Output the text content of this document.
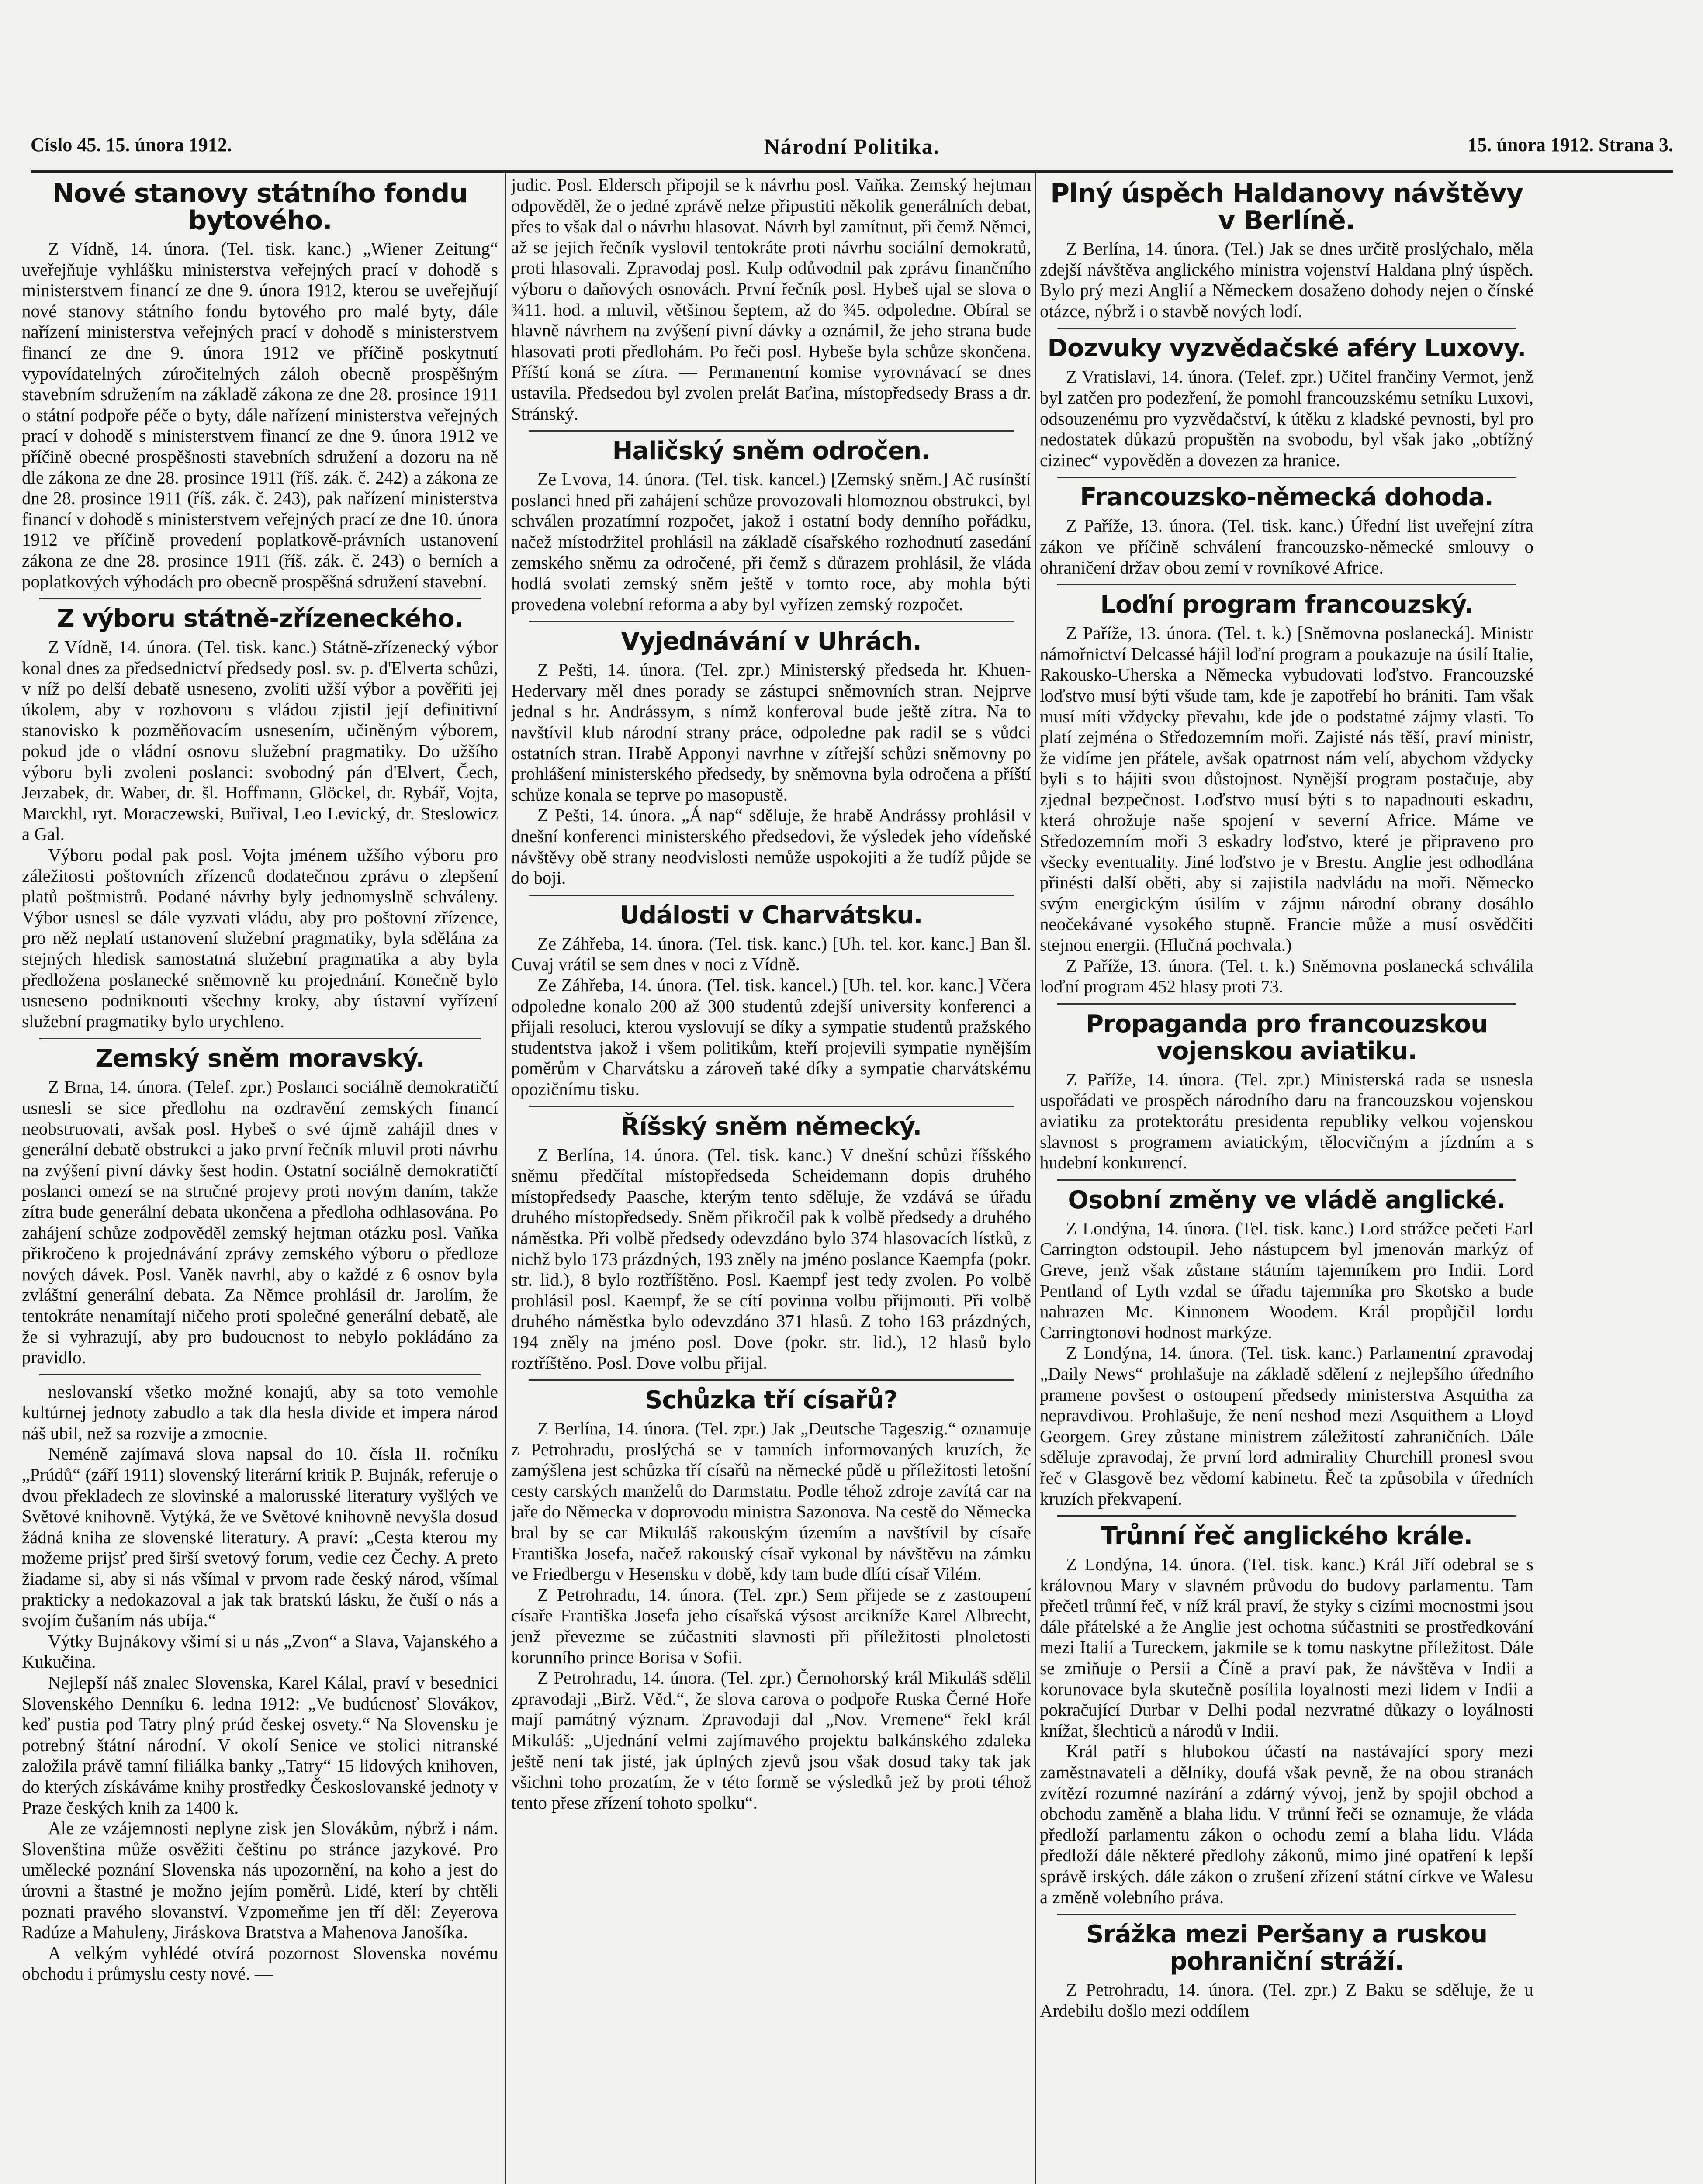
Císlo 45. 15. února 1912.	Národní Politika.	15. února 1912. Strana 3.
Nové stanovy státního fondu bytového.

Z Vídně, 14. února. (Tel. tisk. kanc.) „Wiener Zeitung“ uveřejňuje vyhlášku ministerstva veřejných prací v dohodě s ministerstvem financí ze dne 9. února 1912, kterou se uveřejňují nové stanovy státního fondu bytového pro malé byty, dále nařízení ministerstva veřejných prací v dohodě s ministerstvem financí ze dne 9. února 1912 ve příčině poskytnutí vypovídatelných zúročitelných záloh obecně prospěšným stavebním sdružením na základě zákona ze dne 28. prosince 1911 o státní podpoře péče o byty, dále nařízení ministerstva veřejných prací v dohodě s ministerstvem financí ze dne 9. února 1912 ve příčině obecné prospěšnosti stavebních sdružení a dozoru na ně dle zákona ze dne 28. prosince 1911 (říš. zák. č. 242) a zákona ze dne 28. prosince 1911 (říš. zák. č. 243), pak nařízení ministerstva financí v dohodě s ministerstvem veřejných prací ze dne 10. února 1912 ve příčině provedení poplatkově-právních ustanovení zákona ze dne 28. prosince 1911 (říš. zák. č. 243) o berních a poplatkových výhodách pro obecně prospěšná sdružení stavební.

Z výboru státně-zřízeneckého.

Z Vídně, 14. února. (Tel. tisk. kanc.) Státně-zřízenecký výbor konal dnes za předsednictví předsedy posl. sv. p. d'Elverta schůzi, v níž po delší debatě usneseno, zvoliti užší výbor a pověřiti jej úkolem, aby v rozhovoru s vládou zjistil její definitivní stanovisko k pozměňovacím usnesením, učiněným výborem, pokud jde o vládní osnovu služební pragmatiky. Do užšího výboru byli zvoleni poslanci: svobodný pán d'Elvert, Čech, Jerzabek, dr. Waber, dr. šl. Hoffmann, Glöckel, dr. Rybář, Vojta, Marckhl, ryt. Moraczewski, Buřival, Leo Levický, dr. Steslowicz a Gal.

Výboru podal pak posl. Vojta jménem užšího výboru pro záležitosti poštovních zřízenců dodatečnou zprávu o zlepšení platů poštmistrů. Podané návrhy byly jednomyslně schváleny. Výbor usnesl se dále vyzvati vládu, aby pro poštovní zřízence, pro něž neplatí ustanovení služební pragmatiky, byla sdělána za stejných hledisk samostatná služební pragmatika a aby byla předložena poslanecké sněmovně ku projednání. Konečně bylo usneseno podniknouti všechny kroky, aby ústavní vyřízení služební pragmatiky bylo urychleno.

Zemský sněm moravský.

Z Brna, 14. února. (Telef. zpr.) Poslanci sociálně demokratičtí usnesli se sice předlohu na ozdravění zemských financí neobstruovati, avšak posl. Hybeš o své újmě zahájil dnes v generální debatě obstrukci a jako první řečník mluvil proti návrhu na zvýšení pivní dávky šest hodin. Ostatní sociálně demokratičtí poslanci omezí se na stručné projevy proti novým daním, takže zítra bude generální debata ukončena a předloha odhlasována. Po zahájení schůze zodpověděl zemský hejtman otázku posl. Vaňka přikročeno k projednávání zprávy zemského výboru o předloze nových dávek. Posl. Vaněk navrhl, aby o každé z 6 osnov byla zvláštní generální debata. Za Němce prohlásil dr. Jarolím, že tentokráte nenamítají ničeho proti společné generální debatě, ale že si vyhrazují, aby pro budoucnost to nebylo pokládáno za pravidlo.

neslovanskí všetko možné konajú, aby sa toto vemohle kultúrnej jednoty zabudlo a tak dla hesla divide et impera národ náš ubil, než sa rozvije a zmocnie.

Neméně zajímavá slova napsal do 10. čísla II. ročníku „Prúdů“ (září 1911) slovenský literární kritik P. Bujnák, referuje o dvou překladech ze slovinské a malorusské literatury vyšlých ve Světové knihovně. Vytýká, že ve Světové knihovně nevyšla dosud žádná kniha ze slovenské literatury. A praví: „Cesta kterou my možeme prijsť pred širší svetový forum, vedie cez Čechy. A preto žiadame si, aby si nás všímal v prvom rade český národ, všímal prakticky a nedokazoval a jak tak bratskú lásku, že čuší o nás a svojím čušaním nás ubíja.“

Výtky Bujnákovy všimí si u nás „Zvon“ a Slava, Vajanského a Kukučina.

Nejlepší náš znalec Slovenska, Karel Kálal, praví v besednici Slovenského Denníku 6. ledna 1912: „Ve budúcnosť Slovákov, keď pustia pod Tatry plný prúd českej osvety.“ Na Slovensku je potrebný štátní národní. V okolí Senice ve stolici nitranské založila právě tamní filiálka banky „Tatry“ 15 lidových knihoven, do kterých získáváme knihy prostředky Českoslovanské jednoty v Praze českých knih za 1400 k.

Ale ze vzájemnosti neplyne zisk jen Slovákům, nýbrž i nám. Slovenština může osvěžiti češtinu po stránce jazykové. Pro umělecké poznání Slovenska nás upozornění, na koho a jest do úrovni a štastné je možno jejím poměrů. Lidé, kterí by chtěli poznati pravého slovanství. Vzpomeňme jen tří děl: Zeyerova Radúze a Mahuleny, Jiráskova Bratstva a Mahenova Janošíka.

A velkým vyhlédé otvírá pozornost Slovenska novému obchodu i průmyslu cesty nové. —

judic. Posl. Eldersch připojil se k návrhu posl. Vaňka. Zemský hejtman odpověděl, že o jedné zprávě nelze připustiti několik generálních debat, přes to však dal o návrhu hlasovat. Návrh byl zamítnut, při čemž Němci, až se jejich řečník vyslovil tentokráte proti návrhu sociální demokratů, proti hlasovali. Zpravodaj posl. Kulp odůvodnil pak zprávu finančního výboru o daňových osnovách. První řečník posl. Hybeš ujal se slova o ¾11. hod. a mluvil, většinou šeptem, až do ¾5. odpoledne. Obíral se hlavně návrhem na zvýšení pivní dávky a oznámil, že jeho strana bude hlasovati proti předlohám. Po řeči posl. Hybeše byla schůze skončena. Příští koná se zítra. — Permanentní komise vyrovnávací se dnes ustavila. Předsedou byl zvolen prelát Baťina, místopředsedy Brass a dr. Stránský.

Haličský sněm odročen.

Ze Lvova, 14. února. (Tel. tisk. kancel.) [Zemský sněm.] Ač rusínští poslanci hned při zahájení schůze provozovali hlomoznou obstrukci, byl schválen prozatímní rozpočet, jakož i ostatní body denního pořádku, načež místodržitel prohlásil na základě císařského rozhodnutí zasedání zemského sněmu za odročené, při čemž s důrazem prohlásil, že vláda hodlá svolati zemský sněm ještě v tomto roce, aby mohla býti provedena volební reforma a aby byl vyřízen zemský rozpočet.

Vyjednávání v Uhrách.

Z Pešti, 14. února. (Tel. zpr.) Ministerský předseda hr. Khuen-Hedervary měl dnes porady se zástupci sněmovních stran. Nejprve jednal s hr. Andrássym, s nímž konferoval bude ještě zítra. Na to navštívil klub národní strany práce, odpoledne pak radil se s vůdci ostatních stran. Hrabě Apponyi navrhne v zítřejší schůzi sněmovny po prohlášení ministerského předsedy, by sněmovna byla odročena a příští schůze konala se teprve po masopustě.

Z Pešti, 14. února. „Á nap“ sděluje, že hrabě Andrássy prohlásil v dnešní konferenci ministerského předsedovi, že výsledek jeho vídeňské návštěvy obě strany neodvislosti nemůže uspokojiti a že tudíž půjde se do boji.

Události v Charvátsku.

Ze Záhřeba, 14. února. (Tel. tisk. kanc.) [Uh. tel. kor. kanc.] Ban šl. Cuvaj vrátil se sem dnes v noci z Vídně.

Ze Záhřeba, 14. února. (Tel. tisk. kancel.) [Uh. tel. kor. kanc.] Včera odpoledne konalo 200 až 300 studentů zdejší university konferenci a přijali resoluci, kterou vyslovují se díky a sympatie studentů pražského studentstva jakož i všem politikům, kteří projevili sympatie nynějším poměrům v Charvátsku a zároveň také díky a sympatie charvátskému opozičnímu tisku.

Říšský sněm německý.

Z Berlína, 14. února. (Tel. tisk. kanc.) V dnešní schůzi říšského sněmu předčítal místopředseda Scheidemann dopis druhého místopředsedy Paasche, kterým tento sděluje, že vzdává se úřadu druhého místopředsedy. Sněm přikročil pak k volbě předsedy a druhého náměstka. Při volbě předsedy odevzdáno bylo 374 hlasovacích lístků, z nichž bylo 173 prázdných, 193 zněly na jméno poslance Kaempfa (pokr. str. lid.), 8 bylo roztříštěno. Posl. Kaempf jest tedy zvolen. Po volbě prohlásil posl. Kaempf, že se cítí povinna volbu přijmouti. Při volbě druhého náměstka bylo odevzdáno 371 hlasů. Z toho 163 prázdných, 194 zněly na jméno posl. Dove (pokr. str. lid.), 12 hlasů bylo roztříštěno. Posl. Dove volbu přijal.

Schůzka tří císařů?

Z Berlína, 14. února. (Tel. zpr.) Jak „Deutsche Tageszig.“ oznamuje z Petrohradu, proslýchá se v tamních informovaných kruzích, že zamýšlena jest schůzka tří císařů na německé půdě u příležitosti letošní cesty carských manželů do Darmstatu. Podle téhož zdroje zavítá car na jaře do Německa v doprovodu ministra Sazonova. Na cestě do Německa bral by se car Mikuláš rakouským územím a navštívil by císaře Františka Josefa, načež rakouský císař vykonal by návštěvu na zámku ve Friedbergu v Hesensku v době, kdy tam bude dlíti císař Vilém.

Z Petrohradu, 14. února. (Tel. zpr.) Sem přijede se z zastoupení císaře Františka Josefa jeho císařská výsost arcikníže Karel Albrecht, jenž převezme se zúčastniti slavnosti při příležitosti plnoletosti korunního prince Borisa v Sofii.

Z Petrohradu, 14. února. (Tel. zpr.) Černohorský král Mikuláš sdělil zpravodaji „Birž. Věd.“, že slova carova o podpoře Ruska Černé Hoře mají památný význam. Zpravodaji dal „Nov. Vremene“ řekl král Mikuláš: „Ujednání velmi zajímavého projektu balkánského zdaleka ještě není tak jisté, jak úplných zjevů jsou však dosud taky tak jak všichni toho prozatím, že v této formě se výsledků jež by proti téhož tento přese zřízení tohoto spolku“.

Plný úspěch Haldanovy návštěvy v Berlíně.

Z Berlína, 14. února. (Tel.) Jak se dnes určitě proslýchalo, měla zdejší návštěva anglického ministra vojenství Haldana plný úspěch. Bylo prý mezi Anglií a Německem dosaženo dohody nejen o čínské otázce, nýbrž i o stavbě nových lodí.

Dozvuky vyzvědačské aféry Luxovy.

Z Vratislavi, 14. února. (Telef. zpr.) Učitel frančiny Vermot, jenž byl zatčen pro podezření, že pomohl francouzskému setníku Luxovi, odsouzenému pro vyzvědačství, k útěku z kladské pevnosti, byl pro nedostatek důkazů propuštěn na svobodu, byl však jako „obtížný cizinec“ vypověděn a dovezen za hranice.

Francouzsko-německá dohoda.

Z Paříže, 13. února. (Tel. tisk. kanc.) Úřední list uveřejní zítra zákon ve příčině schválení francouzsko-německé smlouvy o ohraničení držav obou zemí v rovníkové Africe.

Loďní program francouzský.

Z Paříže, 13. února. (Tel. t. k.) [Sněmovna poslanecká]. Ministr námořnictví Delcassé hájil loďní program a poukazuje na úsilí Italie, Rakousko-Uherska a Německa vybudovati loďstvo. Francouzské loďstvo musí býti všude tam, kde je zapotřebí ho brániti. Tam však musí míti vždycky převahu, kde jde o podstatné zájmy vlasti. To platí zejména o Středozemním moři. Zajisté nás těší, praví ministr, že vidíme jen přátele, avšak opatrnost nám velí, abychom vždycky byli s to hájiti svou důstojnost. Nynější program postačuje, aby zjednal bezpečnost. Loďstvo musí býti s to napadnouti eskadru, která ohrožuje naše spojení v severní Africe. Máme ve Středozemním moři 3 eskadry loďstvo, které je připraveno pro všecky eventuality. Jiné loďstvo je v Brestu. Anglie jest odhodlána přinésti další oběti, aby si zajistila nadvládu na moři. Německo svým energickým úsilím v zájmu národní obrany dosáhlo neočekávané vysokého stupně. Francie může a musí osvědčiti stejnou energii. (Hlučná pochvala.)

Z Paříže, 13. února. (Tel. t. k.) Sněmovna poslanecká schválila loďní program 452 hlasy proti 73.

Propaganda pro francouzskou vojenskou aviatiku.

Z Paříže, 14. února. (Tel. zpr.) Ministerská rada se usnesla uspořádati ve prospěch národního daru na francouzskou vojenskou aviatiku za protektorátu presidenta republiky velkou vojenskou slavnost s programem aviatickým, tělocvičným a jízdním a s hudební konkurencí.

Osobní změny ve vládě anglické.

Z Londýna, 14. února. (Tel. tisk. kanc.) Lord strážce pečeti Earl Carrington odstoupil. Jeho nástupcem byl jmenován markýz of Greve, jenž však zůstane státním tajemníkem pro Indii. Lord Pentland of Lyth vzdal se úřadu tajemníka pro Skotsko a bude nahrazen Mc. Kinnonem Woodem. Král propůjčil lordu Carringtonovi hodnost markýze.

Z Londýna, 14. února. (Tel. tisk. kanc.) Parlamentní zpravodaj „Daily News“ prohlašuje na základě sdělení z nejlepšího úředního pramene povšest o ostoupení předsedy ministerstva Asquitha za nepravdivou. Prohlašuje, že není neshod mezi Asquithem a Lloyd Georgem. Grey zůstane ministrem záležitostí zahraničních. Dále sděluje zpravodaj, že první lord admirality Churchill pronesl svou řeč v Glasgově bez vědomí kabinetu. Řeč ta způsobila v úředních kruzích překvapení.

Trůnní řeč anglického krále.

Z Londýna, 14. února. (Tel. tisk. kanc.) Král Jiří odebral se s královnou Mary v slavném průvodu do budovy parlamentu. Tam přečetl trůnní řeč, v níž král praví, že styky s cizími mocnostmi jsou dále přátelské a že Anglie jest ochotna súčastniti se prostředkování mezi Italií a Tureckem, jakmile se k tomu naskytne příležitost. Dále se zmiňuje o Persii a Číně a praví pak, že návštěva v Indii a korunovace byla skutečně posílila loyalnosti mezi lidem v Indii a pokračující Durbar v Delhi podal nezvratné důkazy o loyálnosti knížat, šlechticů a národů v Indii.

Král patří s hlubokou účastí na nastávající spory mezi zaměstnavateli a dělníky, doufá však pevně, že na obou stranách zvítězí rozumné nazírání a zdárný vývoj, jenž by spojil obchod a obchodu zaměně a blaha lidu. V trůnní řeči se oznamuje, že vláda předloží parlamentu zákon o ochodu zemí a blaha lidu. Vláda předloží dále některé předlohy zákonů, mimo jiné opatření k lepší správě irských. dále zákon o zrušení zřízení státní církve ve Walesu a změně volebního práva.

Srážka mezi Peršany a ruskou pohraniční stráží.

Z Petrohradu, 14. února. (Tel. zpr.) Z Baku se sděluje, že u Ardebilu došlo mezi oddílem
